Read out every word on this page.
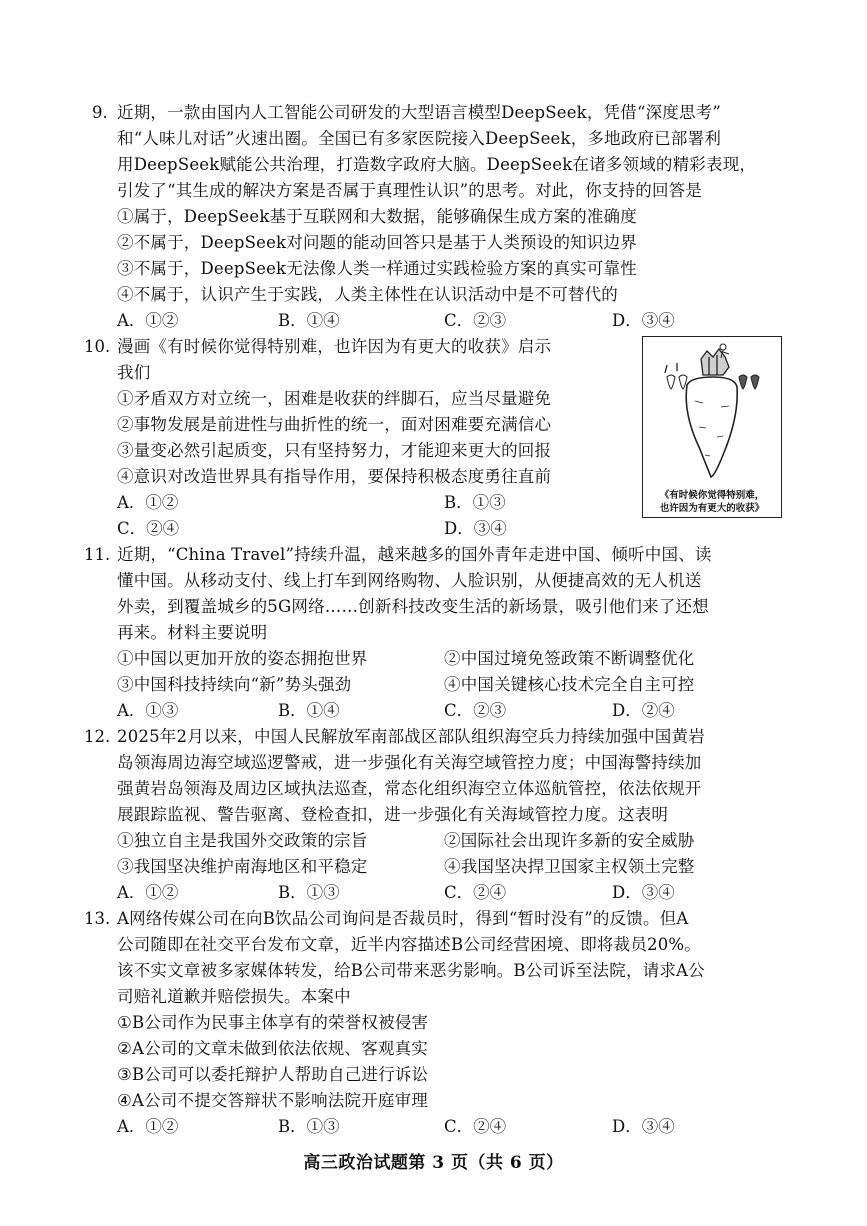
9. 近期，一款由国内人工智能公司研发的大型语言模型DeepSeek，凭借“深度思考”
和“人味儿对话”火速出圈。全国已有多家医院接入DeepSeek，多地政府已部署利
用DeepSeek赋能公共治理，打造数字政府大脑。DeepSeek在诸多领域的精彩表现，
引发了“其生成的解决方案是否属于真理性认识”的思考。对此，你支持的回答是
①属于，DeepSeek基于互联网和大数据，能够确保生成方案的准确度
②不属于，DeepSeek对问题的能动回答只是基于人类预设的知识边界
③不属于，DeepSeek无法像人类一样通过实践检验方案的真实可靠性
④不属于，认识产生于实践，人类主体性在认识活动中是不可替代的
A．①②	B．①④	C．②③	D．③④
10. 漫画《有时候你觉得特别难，也许因为有更大的收获》启示
我们
①矛盾双方对立统一，困难是收获的绊脚石，应当尽量避免
②事物发展是前进性与曲折性的统一，面对困难要充满信心
③量变必然引起质变，只有坚持努力，才能迎来更大的回报
④意识对改造世界具有指导作用，要保持积极态度勇往直前
A．①②	B．①③
C．②④	D．③④
《有时候你觉得特别难，
也许因为有更大的收获》
11. 近期，“China Travel”持续升温，越来越多的国外青年走进中国、倾听中国、读
懂中国。从移动支付、线上打车到网络购物、人脸识别，从便捷高效的无人机送
外卖，到覆盖城乡的5G网络……创新科技改变生活的新场景，吸引他们来了还想
再来。材料主要说明
①中国以更加开放的姿态拥抱世界	②中国过境免签政策不断调整优化
③中国科技持续向“新”势头强劲	④中国关键核心技术完全自主可控
A．①③	B．①④	C．②③	D．②④
12. 2025年2月以来，中国人民解放军南部战区部队组织海空兵力持续加强中国黄岩
岛领海周边海空域巡逻警戒，进一步强化有关海空域管控力度；中国海警持续加
强黄岩岛领海及周边区域执法巡查，常态化组织海空立体巡航管控，依法依规开
展跟踪监视、警告驱离、登检查扣，进一步强化有关海域管控力度。这表明
①独立自主是我国外交政策的宗旨	②国际社会出现许多新的安全威胁
③我国坚决维护南海地区和平稳定	④我国坚决捍卫国家主权领土完整
A．①②	B．①③	C．②④	D．③④
13. A网络传媒公司在向B饮品公司询问是否裁员时，得到“暂时没有”的反馈。但A
公司随即在社交平台发布文章，近半内容描述B公司经营困境、即将裁员20%。
该不实文章被多家媒体转发，给B公司带来恶劣影响。B公司诉至法院，请求A公
司赔礼道歉并赔偿损失。本案中
①B公司作为民事主体享有的荣誉权被侵害
②A公司的文章未做到依法依规、客观真实
③B公司可以委托辩护人帮助自己进行诉讼
④A公司不提交答辩状不影响法院开庭审理
A．①②	B．①③	C．②④	D．③④
高三政治试题第 3 页（共 6 页）
